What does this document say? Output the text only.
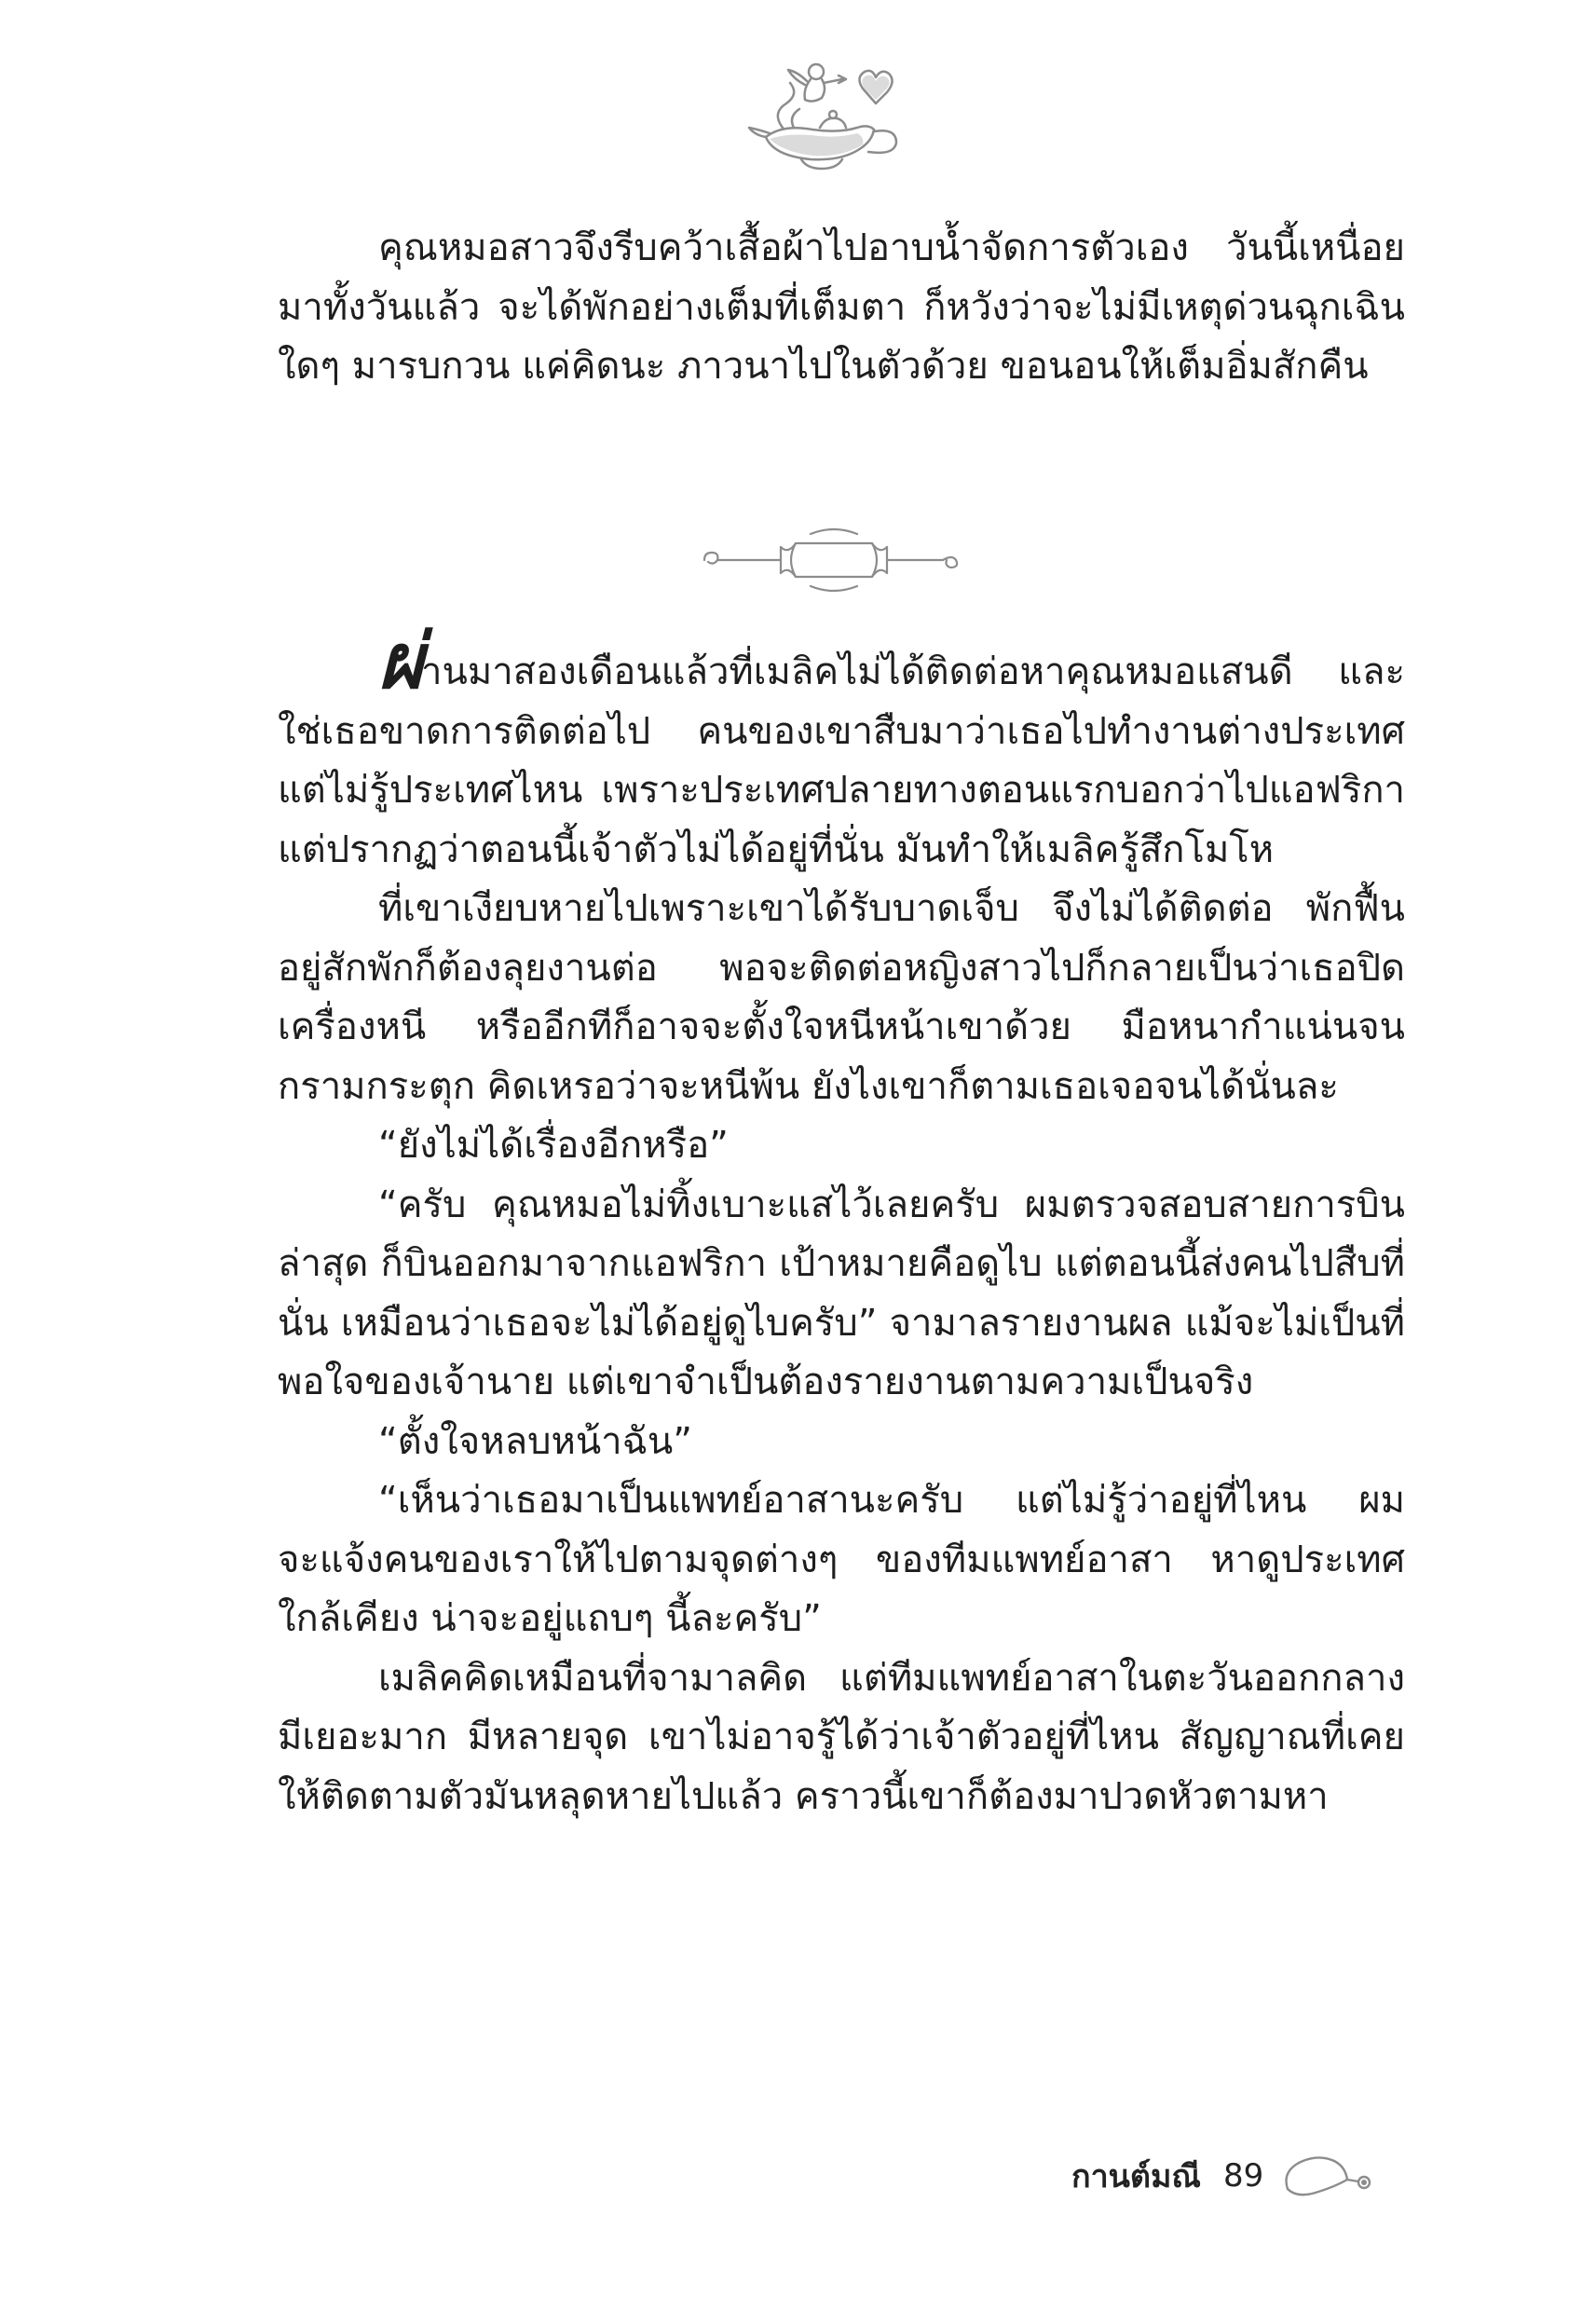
คุณหมอสาวจึงรีบคว้าเสื้อผ้าไปอาบน้ำจัดการตัวเอง วันนี้เหนื่อยมาทั้งวันแล้ว จะได้พักอย่างเต็มที่เต็มตา ก็หวังว่าจะไม่มีเหตุด่วนฉุกเฉินใดๆ มารบกวน แค่คิดนะ ภาวนาไปในตัวด้วย ขอนอนให้เต็มอิ่มสักคืน

ผ่านมาสองเดือนแล้วที่เมลิคไม่ได้ติดต่อหาคุณหมอแสนดี และใช่เธอขาดการติดต่อไป คนของเขาสืบมาว่าเธอไปทำงานต่างประเทศ แต่ไม่รู้ประเทศไหน เพราะประเทศปลายทางตอนแรกบอกว่าไปแอฟริกา แต่ปรากฏว่าตอนนี้เจ้าตัวไม่ได้อยู่ที่นั่น มันทำให้เมลิครู้สึกโมโห

ที่เขาเงียบหายไปเพราะเขาได้รับบาดเจ็บ จึงไม่ได้ติดต่อ พักฟื้นอยู่สักพักก็ต้องลุยงานต่อ พอจะติดต่อหญิงสาวไปก็กลายเป็นว่าเธอปิดเครื่องหนี หรืออีกทีก็อาจจะตั้งใจหนีหน้าเขาด้วย มือหนากำแน่นจนกรามกระตุก คิดเหรอว่าจะหนีพ้น ยังไงเขาก็ตามเธอเจอจนได้นั่นละ

“ยังไม่ได้เรื่องอีกหรือ”

“ครับ คุณหมอไม่ทิ้งเบาะแสไว้เลยครับ ผมตรวจสอบสายการบินล่าสุด ก็บินออกมาจากแอฟริกา เป้าหมายคือดูไบ แต่ตอนนี้ส่งคนไปสืบที่นั่น เหมือนว่าเธอจะไม่ได้อยู่ดูไบครับ” จามาลรายงานผล แม้จะไม่เป็นที่พอใจของเจ้านาย แต่เขาจำเป็นต้องรายงานตามความเป็นจริง

“ตั้งใจหลบหน้าฉัน”

“เห็นว่าเธอมาเป็นแพทย์อาสานะครับ แต่ไม่รู้ว่าอยู่ที่ไหน ผมจะแจ้งคนของเราให้ไปตามจุดต่างๆ ของทีมแพทย์อาสา หาดูประเทศใกล้เคียง น่าจะอยู่แถบๆ นี้ละครับ”

เมลิคคิดเหมือนที่จามาลคิด แต่ทีมแพทย์อาสาในตะวันออกกลางมีเยอะมาก มีหลายจุด เขาไม่อาจรู้ได้ว่าเจ้าตัวอยู่ที่ไหน สัญญาณที่เคยให้ติดตามตัวมันหลุดหายไปแล้ว คราวนี้เขาก็ต้องมาปวดหัวตามหา

กานต์มณี 89
